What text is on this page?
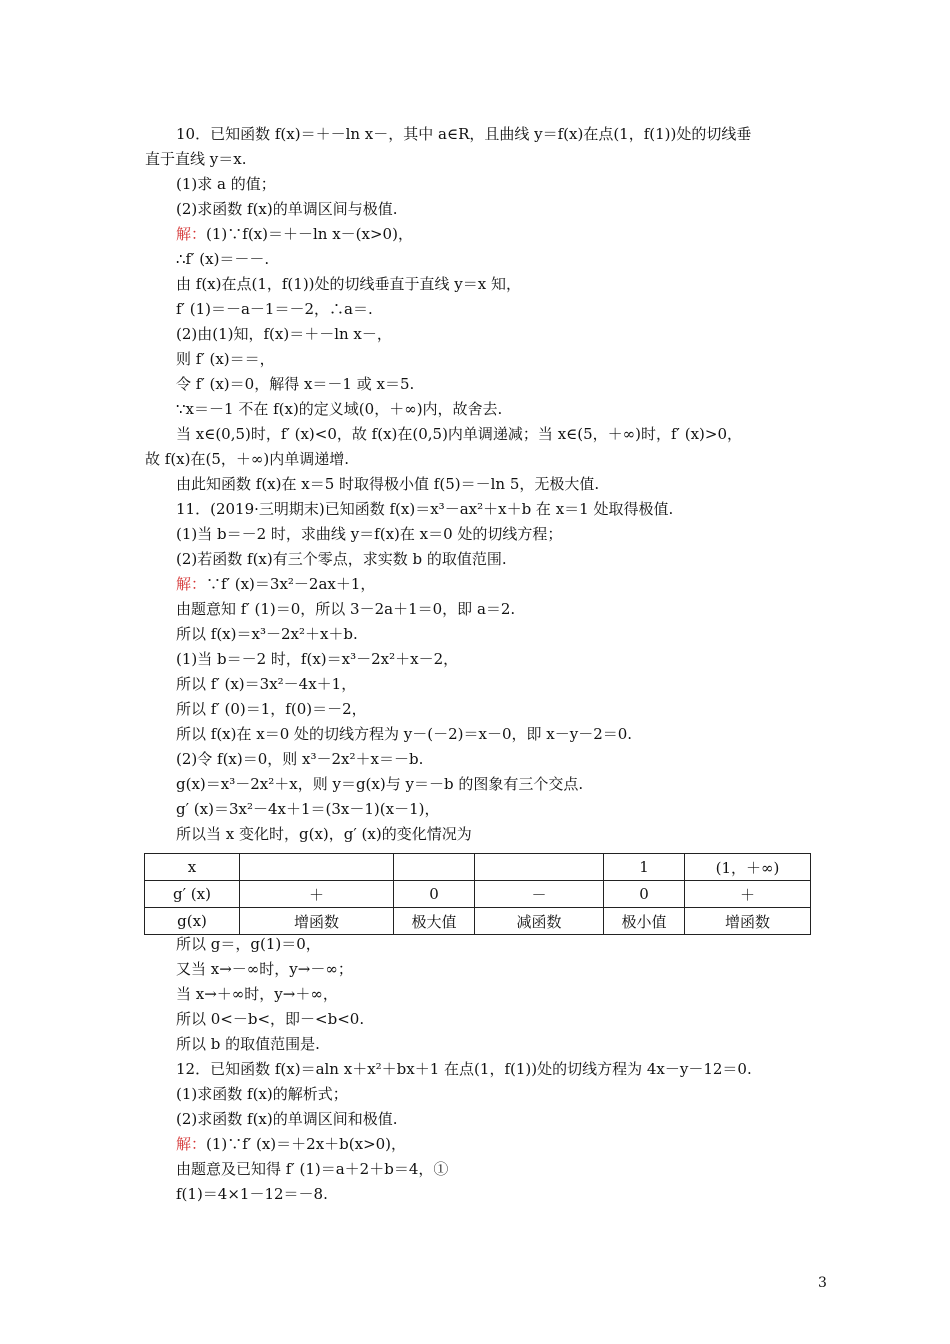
10．已知函数 f(x)＝＋－ln x－，其中 a∈R，且曲线 y＝f(x)在点(1，f(1))处的切线垂
直于直线 y＝x.
(1)求 a 的值；
(2)求函数 f(x)的单调区间与极值.
解：(1)∵f(x)＝＋－ln x－(x>0)，
∴f′ (x)＝－－.
由 f(x)在点(1，f(1))处的切线垂直于直线 y＝x 知，
f′ (1)＝－a－1＝－2，∴a＝.
(2)由(1)知，f(x)＝＋－ln x－，
则 f′ (x)＝＝，
令 f′ (x)＝0，解得 x＝－1 或 x＝5.
∵x＝－1 不在 f(x)的定义域(0，＋∞)内，故舍去.
当 x∈(0,5)时，f′ (x)<0，故 f(x)在(0,5)内单调递减；当 x∈(5，＋∞)时，f′ (x)>0，
故 f(x)在(5，＋∞)内单调递增.
由此知函数 f(x)在 x＝5 时取得极小值 f(5)＝－ln 5，无极大值.
11．(2019·三明期末)已知函数 f(x)＝x³－ax²＋x＋b 在 x＝1 处取得极值.
(1)当 b＝－2 时，求曲线 y＝f(x)在 x＝0 处的切线方程；
(2)若函数 f(x)有三个零点，求实数 b 的取值范围.
解：∵f′ (x)＝3x²－2ax＋1，
由题意知 f′ (1)＝0，所以 3－2a＋1＝0，即 a＝2.
所以 f(x)＝x³－2x²＋x＋b.
(1)当 b＝－2 时，f(x)＝x³－2x²＋x－2，
所以 f′ (x)＝3x²－4x＋1，
所以 f′ (0)＝1，f(0)＝－2，
所以 f(x)在 x＝0 处的切线方程为 y－(－2)＝x－0，即 x－y－2＝0.
(2)令 f(x)＝0，则 x³－2x²＋x＝－b.
g(x)＝x³－2x²＋x，则 y＝g(x)与 y＝－b 的图象有三个交点.
g′ (x)＝3x²－4x＋1＝(3x－1)(x－1)，
所以当 x 变化时，g(x)，g′ (x)的变化情况为
x				1	(1，＋∞)
g′ (x)	＋	0	－	0	＋
g(x)	增函数	极大值	减函数	极小值	增函数
所以 g＝，g(1)＝0，
又当 x→－∞时，y→－∞；
当 x→＋∞时，y→＋∞，
所以 0<－b<，即－<b<0.
所以 b 的取值范围是.
12．已知函数 f(x)＝aln x＋x²＋bx＋1 在点(1，f(1))处的切线方程为 4x－y－12＝0.
(1)求函数 f(x)的解析式；
(2)求函数 f(x)的单调区间和极值.
解：(1)∵f′ (x)＝＋2x＋b(x>0)，
由题意及已知得 f′ (1)＝a＋2＋b＝4，①
f(1)＝4×1－12＝－8.
3
